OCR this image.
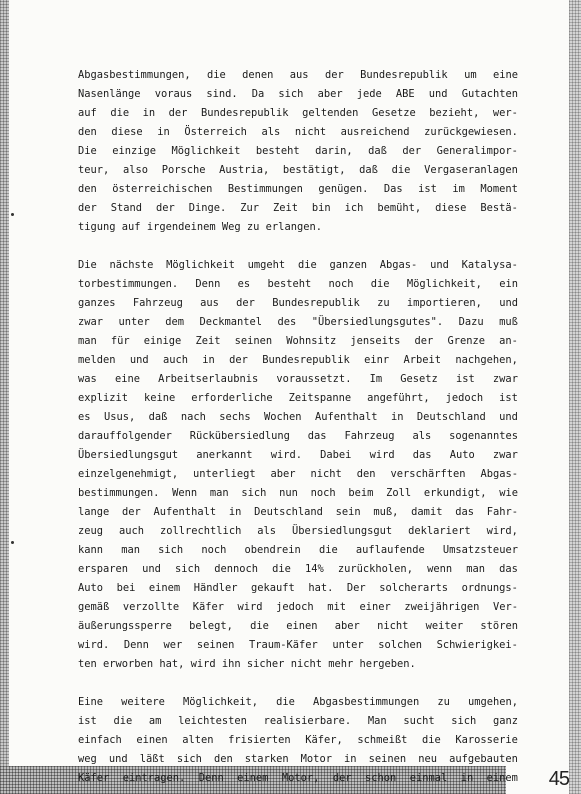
Abgasbestimmungen, die denen aus der Bundesrepublik um eine
Nasenlänge voraus sind. Da sich aber jede ABE und Gutachten
auf die in der Bundesrepublik geltenden Gesetze bezieht, wer-
den diese in Österreich als nicht ausreichend zurückgewiesen.
Die einzige Möglichkeit besteht darin, daß der Generalimpor-
teur, also Porsche Austria, bestätigt, daß die Vergaseranlagen
den österreichischen Bestimmungen genügen. Das ist im Moment
der Stand der Dinge. Zur Zeit bin ich bemüht, diese Bestä-
tigung auf irgendeinem Weg zu erlangen.
Die nächste Möglichkeit umgeht die ganzen Abgas- und Katalysa-
torbestimmungen. Denn es besteht noch die Möglichkeit, ein
ganzes Fahrzeug aus der Bundesrepublik zu importieren, und
zwar unter dem Deckmantel des "Übersiedlungsgutes". Dazu muß
man für einige Zeit seinen Wohnsitz jenseits der Grenze an-
melden und auch in der Bundesrepublik einr Arbeit nachgehen,
was eine Arbeitserlaubnis voraussetzt. Im Gesetz ist zwar
explizit keine erforderliche Zeitspanne angeführt, jedoch ist
es Usus, daß nach sechs Wochen Aufenthalt in Deutschland und
darauffolgender Rückübersiedlung das Fahrzeug als sogenanntes
Übersiedlungsgut anerkannt wird. Dabei wird das Auto zwar
einzelgenehmigt, unterliegt aber nicht den verschärften Abgas-
bestimmungen. Wenn man sich nun noch beim Zoll erkundigt, wie
lange der Aufenthalt in Deutschland sein muß, damit das Fahr-
zeug auch zollrechtlich als Übersiedlungsgut deklariert wird,
kann man sich noch obendrein die auflaufende Umsatzsteuer
ersparen und sich dennoch die 14% zurückholen, wenn man das
Auto bei einem Händler gekauft hat. Der solcherarts ordnungs-
gemäß verzollte Käfer wird jedoch mit einer zweijährigen Ver-
äußerungssperre belegt, die einen aber nicht weiter stören
wird. Denn wer seinen Traum-Käfer unter solchen Schwierigkei-
ten erworben hat, wird ihn sicher nicht mehr hergeben.
Eine weitere Möglichkeit, die Abgasbestimmungen zu umgehen,
ist die am leichtesten realisierbare. Man sucht sich ganz
einfach einen alten frisierten Käfer, schmeißt die Karosserie
weg und läßt sich den starken Motor in seinen neu aufgebauten
Käfer eintragen. Denn einem Motor, der schon einmal in einem	45
